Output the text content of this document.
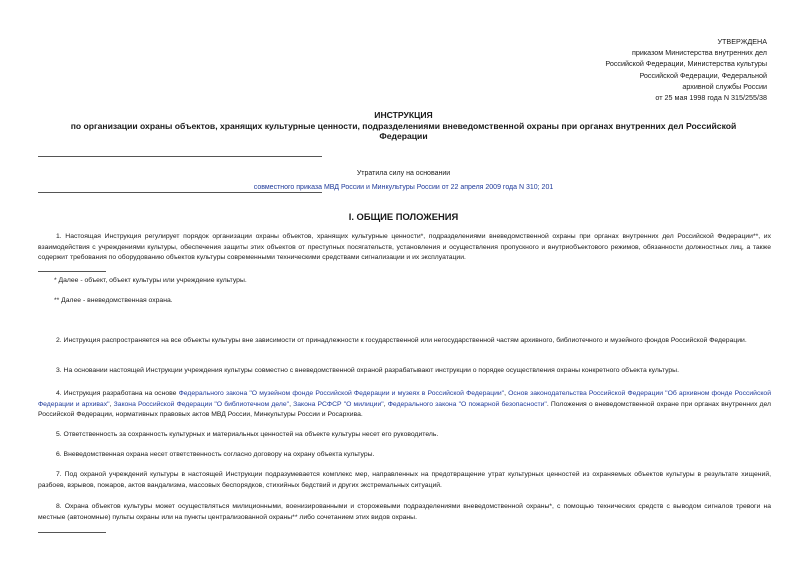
УТВЕРЖДЕНА
приказом Министерства внутренних дел
Российской Федерации, Министерства культуры
Российской Федерации, Федеральной
архивной службы России
от 25 мая 1998 года N 315/255/38
ИНСТРУКЦИЯ
по организации охраны объектов, хранящих культурные ценности, подразделениями вневедомственной охраны при органах внутренних дел Российской
Федерации
Утратила силу на основании
совместного приказа МВД России и Минкультуры России от 22 апреля 2009 года N 310; 201
I. ОБЩИЕ ПОЛОЖЕНИЯ
1. Настоящая Инструкция регулирует порядок организации охраны объектов, хранящих культурные ценности*, подразделениями вневедомственной охраны при органах внутренних дел Российской Федерации**, их взаимодействия с учреждениями культуры, обеспечения защиты этих объектов от преступных посягательств, установления и осуществления пропускного и внутриобъектового режимов, обязанности должностных лиц, а также содержит требования по оборудованию объектов культуры современными техническими средствами сигнализации и их эксплуатации.
* Далее - объект, объект культуры или учреждение культуры.
** Далее - вневедомственная охрана.
2. Инструкция распространяется на все объекты культуры вне зависимости от принадлежности к государственной или негосударственной частям архивного, библиотечного и музейного фондов Российской Федерации.
3. На основании настоящей Инструкции учреждения культуры совместно с вневедомственной охраной разрабатывают инструкции о порядке осуществления охраны конкретного объекта культуры.
4. Инструкция разработана на основе Федерального закона "О музейном фонде Российской Федерации и музеях в Российской Федерации", Основ законодательства Российской Федерации "Об архивном фонде Российской Федерации и архивах", Закона Российской Федерации "О библиотечном деле", Закона РСФСР "О милиции", Федерального закона "О пожарной безопасности". Положения о вневедомственной охране при органах внутренних дел Российской Федерации, нормативных правовых актов МВД России, Минкультуры России и Росархива.
5. Ответственность за сохранность культурных и материальных ценностей на объекте культуры несет его руководитель.
6. Вневедомственная охрана несет ответственность согласно договору на охрану объекта культуры.
7. Под охраной учреждений культуры в настоящей Инструкции подразумевается комплекс мер, направленных на предотвращение утрат культурных ценностей из охраняемых объектов культуры в результате хищений, разбоев, взрывов, пожаров, актов вандализма, массовых беспорядков, стихийных бедствий и других экстремальных ситуаций.
8. Охрана объектов культуры может осуществляться милиционными, военизированными и сторожевыми подразделениями вневедомственной охраны*, с помощью технических средств с выводом сигналов тревоги на местные (автономные) пульты охраны или на пункты централизованной охраны** либо сочетанием этих видов охраны.
